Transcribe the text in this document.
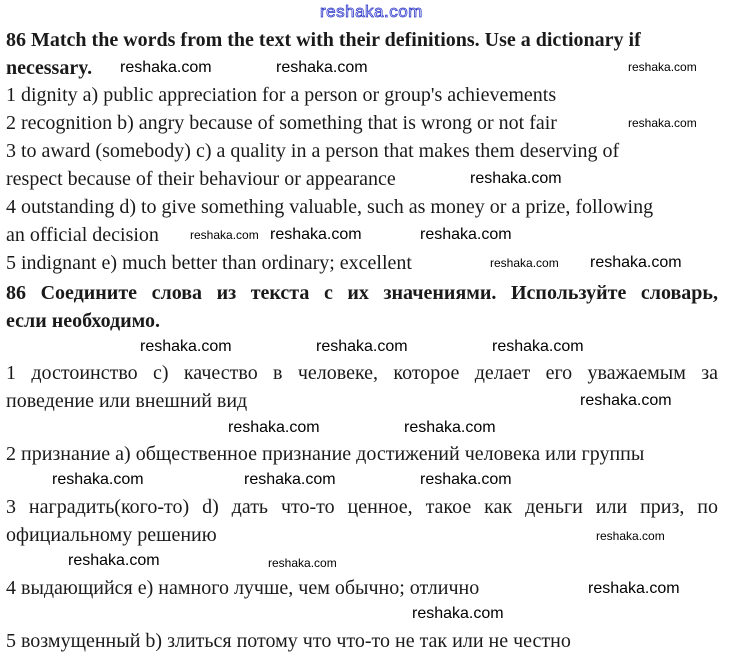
reshaka.com
86 Match the words from the text with their definitions. Use a dictionary if
necessary.
1 dignity a) public appreciation for a person or group's achievements
2 recognition b) angry because of something that is wrong or not fair
3 to award (somebody) c) a quality in a person that makes them deserving of
respect because of their behaviour or appearance
4 outstanding d) to give something valuable, such as money or a prize, following
an official decision
5 indignant e) much better than ordinary; excellent
86 Соедините слова из текста с их значениями. Используйте словарь,
если необходимо.
1 достоинство c) качество в человеке, которое делает его уважаемым за
поведение или внешний вид
2 признание a) общественное признание достижений человека или группы
3 наградить(кого-то) d) дать что-то ценное, такое как деньги или приз, по
официальному решению
4 выдающийся e) намного лучше, чем обычно; отлично
5 возмущенный b) злиться потому что что-то не так или не честно
reshaka.com	reshaka.com
reshaka.com
reshaka.com
reshaka.com
reshaka.com reshaka.com	reshaka.com
reshaka.com
reshaka.com
reshaka.com	reshaka.com	reshaka.com
reshaka.com	reshaka.com
reshaka.com
reshaka.com	reshaka.com	reshaka.com
reshaka.com
reshaka.com	reshaka.com
reshaka.com
reshaka.com
